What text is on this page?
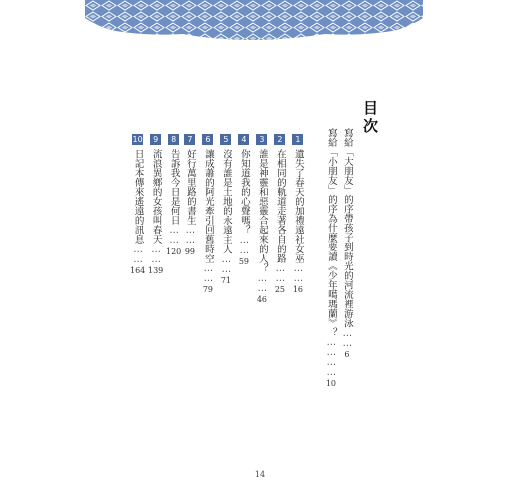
目次
寫給「大朋友」的序帶孩子到時光的河流裡游泳……6
寫給「小朋友」的序為什麼要讀《少年噶瑪蘭》？…………10
1遺失了春天的加禮遠社女巫……16
2在相同的軌道走著各自的路……25
3誰是神靈和惡靈合起來的人？……46
4你知道我的心聲嗎？……59
5沒有誰是土地的永遠主人……71
6讓成蕭的阿光牽引回舊時空……79
7好行萬里路的書生……99
8告訴我今日是何日……120
9流浪異鄉的女孩叫春天……139
10日記本傳來遙遠的訊息……164
14
